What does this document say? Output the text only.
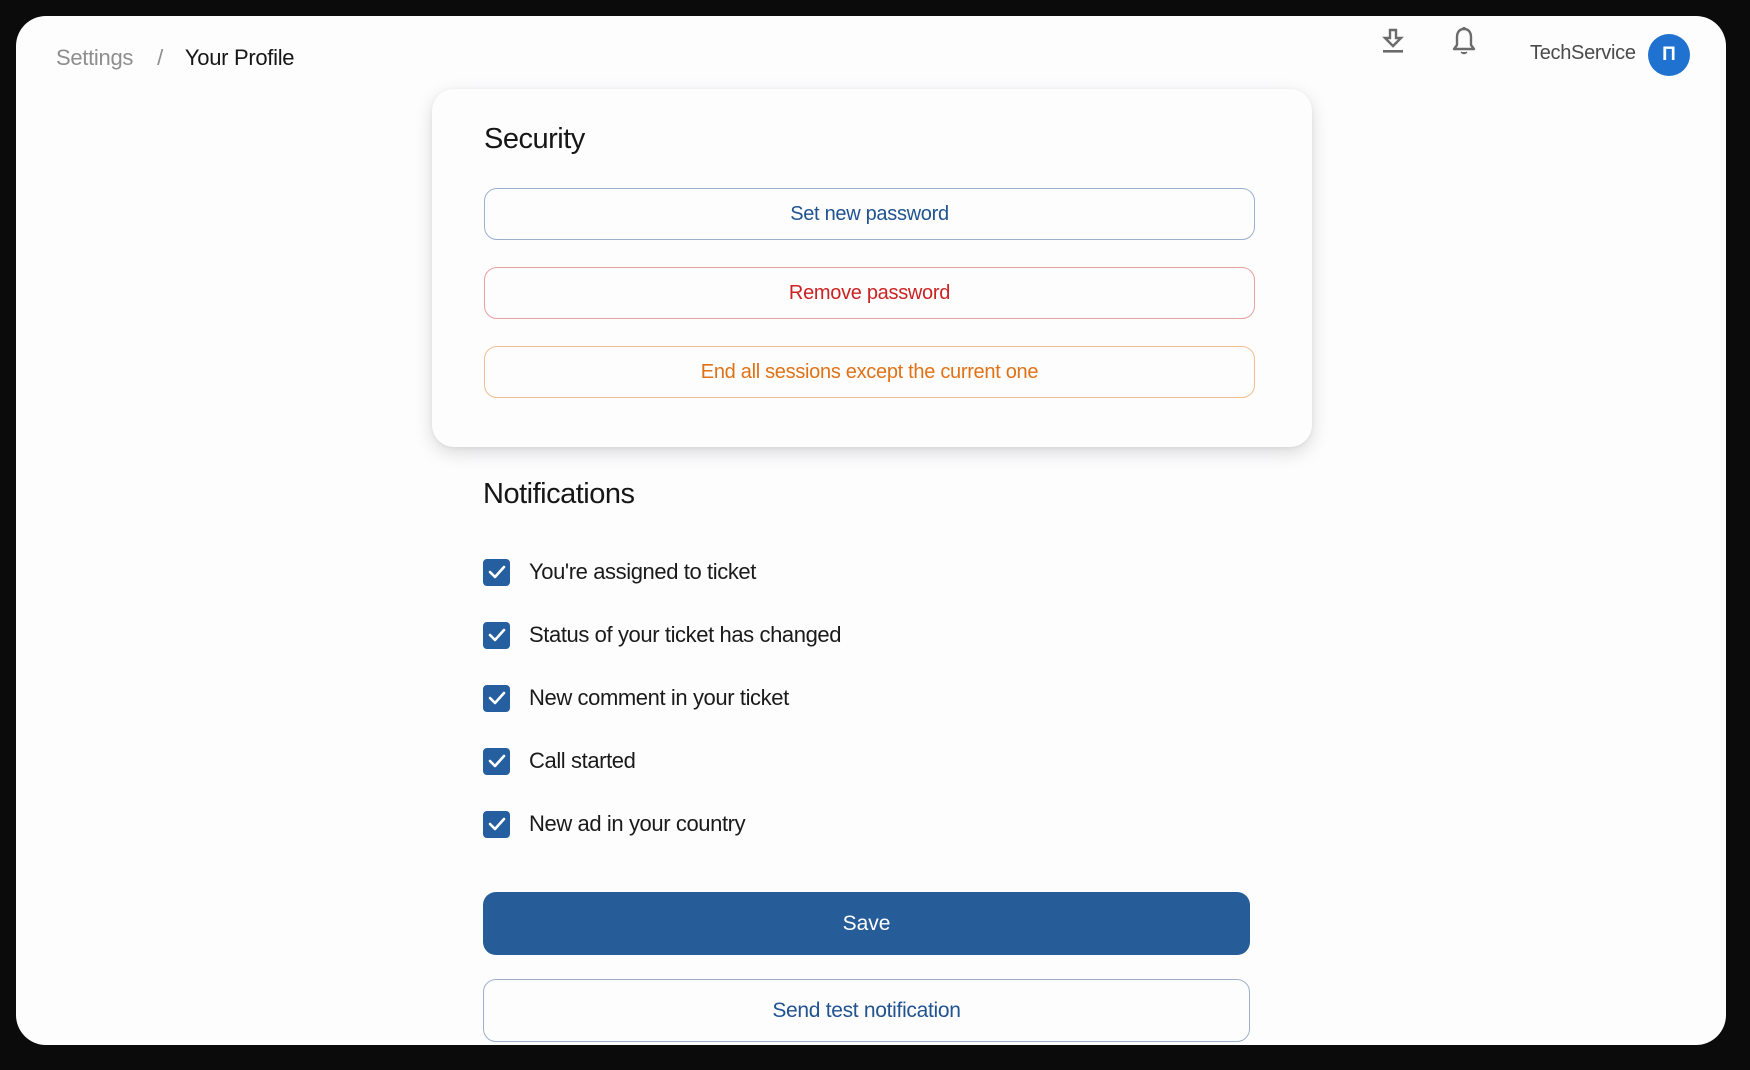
Settings / Your Profile	TechService	П
Security
Set new password
Remove password
End all sessions except the current one
Notifications
You're assigned to ticket
Status of your ticket has changed
New comment in your ticket
Call started
New ad in your country
Save
Send test notification
